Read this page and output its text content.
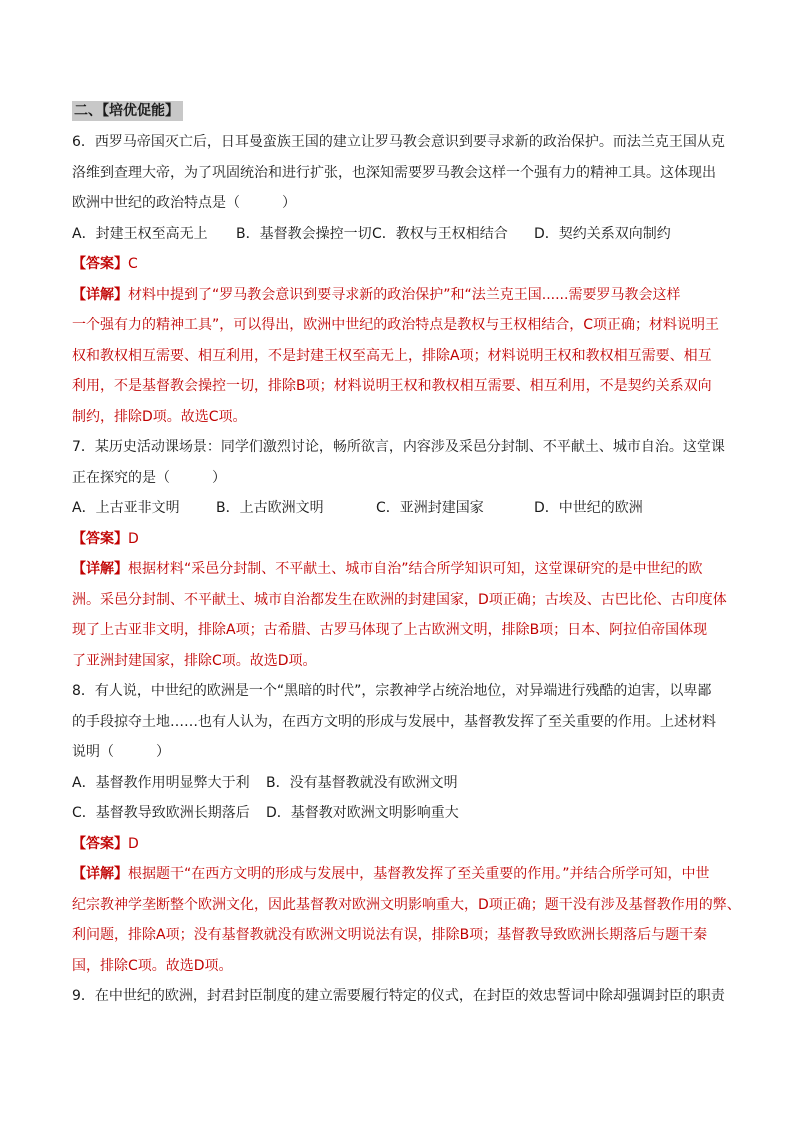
二、【培优促能】
6．西罗马帝国灭亡后，日耳曼蛮族王国的建立让罗马教会意识到要寻求新的政治保护。而法兰克王国从克
洛维到查理大帝，为了巩固统治和进行扩张，也深知需要罗马教会这样一个强有力的精神工具。这体现出
欧洲中世纪的政治特点是（　　　）
A．封建王权至高无上 B．基督教会操控一切C．教权与王权相结合 D．契约关系双向制约
【答案】C
【详解】材料中提到了“罗马教会意识到要寻求新的政治保护”和“法兰克王国......需要罗马教会这样
一个强有力的精神工具”，可以得出，欧洲中世纪的政治特点是教权与王权相结合，C项正确；材料说明王
权和教权相互需要、相互利用，不是封建王权至高无上，排除A项；材料说明王权和教权相互需要、相互
利用，不是基督教会操控一切，排除B项；材料说明王权和教权相互需要、相互利用，不是契约关系双向
制约，排除D项。故选C项。
7．某历史活动课场景：同学们激烈讨论，畅所欲言，内容涉及采邑分封制、不平献土、城市自治。这堂课
正在探究的是（　　　）
A．上古亚非文明	B．上古欧洲文明	C．亚洲封建国家	D．中世纪的欧洲
【答案】D
【详解】根据材料“采邑分封制、不平献土、城市自治”结合所学知识可知，这堂课研究的是中世纪的欧
洲。采邑分封制、不平献土、城市自治都发生在欧洲的封建国家，D项正确；古埃及、古巴比伦、古印度体
现了上古亚非文明，排除A项；古希腊、古罗马体现了上古欧洲文明，排除B项；日本、阿拉伯帝国体现
了亚洲封建国家，排除C项。故选D项。
8．有人说，中世纪的欧洲是一个“黑暗的时代”，宗教神学占统治地位，对异端进行残酷的迫害，以卑鄙
的手段掠夺土地……也有人认为，在西方文明的形成与发展中，基督教发挥了至关重要的作用。上述材料
说明（　　　）
A．基督教作用明显弊大于利 B．没有基督教就没有欧洲文明
C．基督教导致欧洲长期落后 D．基督教对欧洲文明影响重大
【答案】D
【详解】根据题干“在西方文明的形成与发展中，基督教发挥了至关重要的作用。”并结合所学可知，中世
纪宗教神学垄断整个欧洲文化，因此基督教对欧洲文明影响重大，D项正确；题干没有涉及基督教作用的弊、
利问题，排除A项；没有基督教就没有欧洲文明说法有误，排除B项；基督教导致欧洲长期落后与题干秦
国，排除C项。故选D项。
9．在中世纪的欧洲，封君封臣制度的建立需要履行特定的仪式，在封臣的效忠誓词中除却强调封臣的职责
